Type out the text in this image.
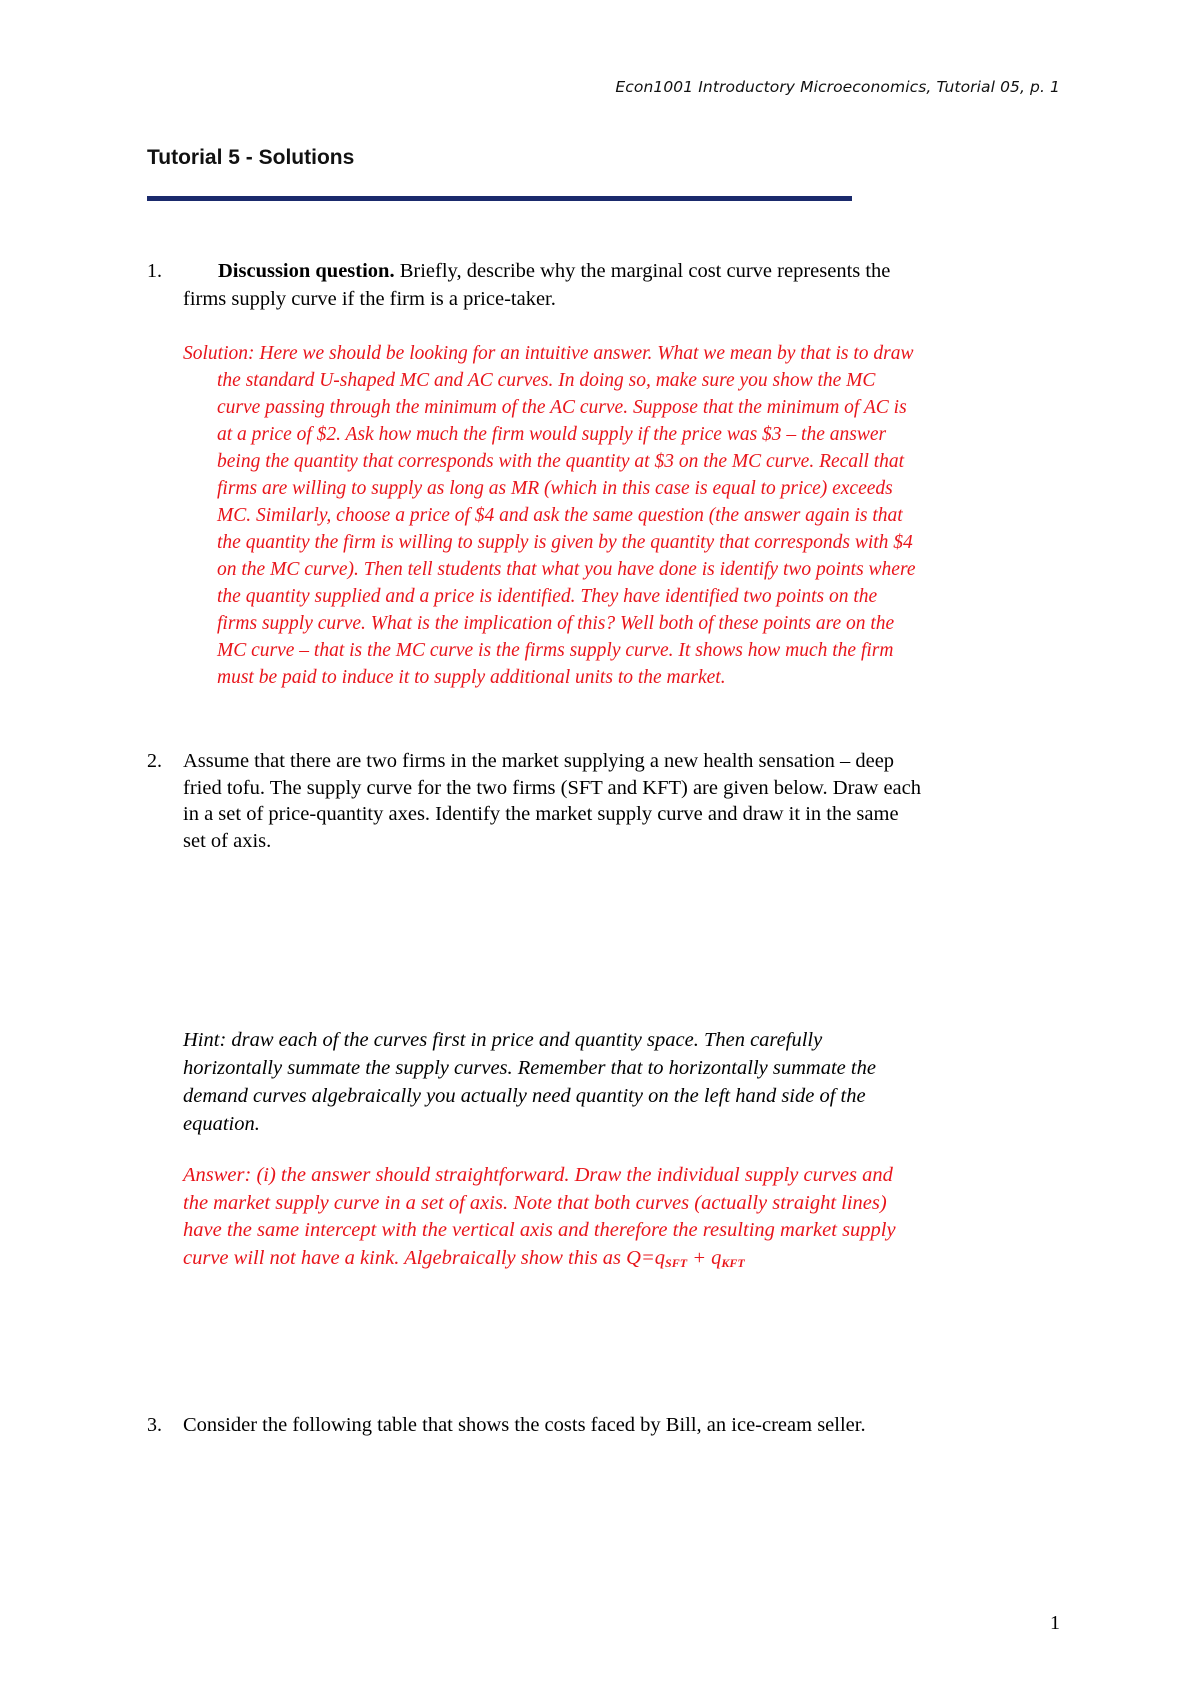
Econ1001 Introductory Microeconomics, Tutorial 05, p. 1
Tutorial 5 - Solutions
1.	Discussion question. Briefly, describe why the marginal cost curve represents the
firms supply curve if the firm is a price-taker.
Solution: Here we should be looking for an intuitive answer. What we mean by that is to draw
the standard U-shaped MC and AC curves. In doing so, make sure you show the MC
curve passing through the minimum of the AC curve. Suppose that the minimum of AC is
at a price of $2. Ask how much the firm would supply if the price was $3 – the answer
being the quantity that corresponds with the quantity at $3 on the MC curve. Recall that
firms are willing to supply as long as MR (which in this case is equal to price) exceeds
MC. Similarly, choose a price of $4 and ask the same question (the answer again is that
the quantity the firm is willing to supply is given by the quantity that corresponds with $4
on the MC curve). Then tell students that what you have done is identify two points where
the quantity supplied and a price is identified. They have identified two points on the
firms supply curve. What is the implication of this? Well both of these points are on the
MC curve – that is the MC curve is the firms supply curve. It shows how much the firm
must be paid to induce it to supply additional units to the market.
2. Assume that there are two firms in the market supplying a new health sensation – deep
fried tofu. The supply curve for the two firms (SFT and KFT) are given below. Draw each
in a set of price-quantity axes. Identify the market supply curve and draw it in the same
set of axis.
Hint: draw each of the curves first in price and quantity space. Then carefully
horizontally summate the supply curves. Remember that to horizontally summate the
demand curves algebraically you actually need quantity on the left hand side of the
equation.
Answer: (i) the answer should straightforward. Draw the individual supply curves and
the market supply curve in a set of axis. Note that both curves (actually straight lines)
have the same intercept with the vertical axis and therefore the resulting market supply
curve will not have a kink. Algebraically show this as $Q=q_{SFT} + q_{KFT}$
3. Consider the following table that shows the costs faced by Bill, an ice-cream seller.
1
